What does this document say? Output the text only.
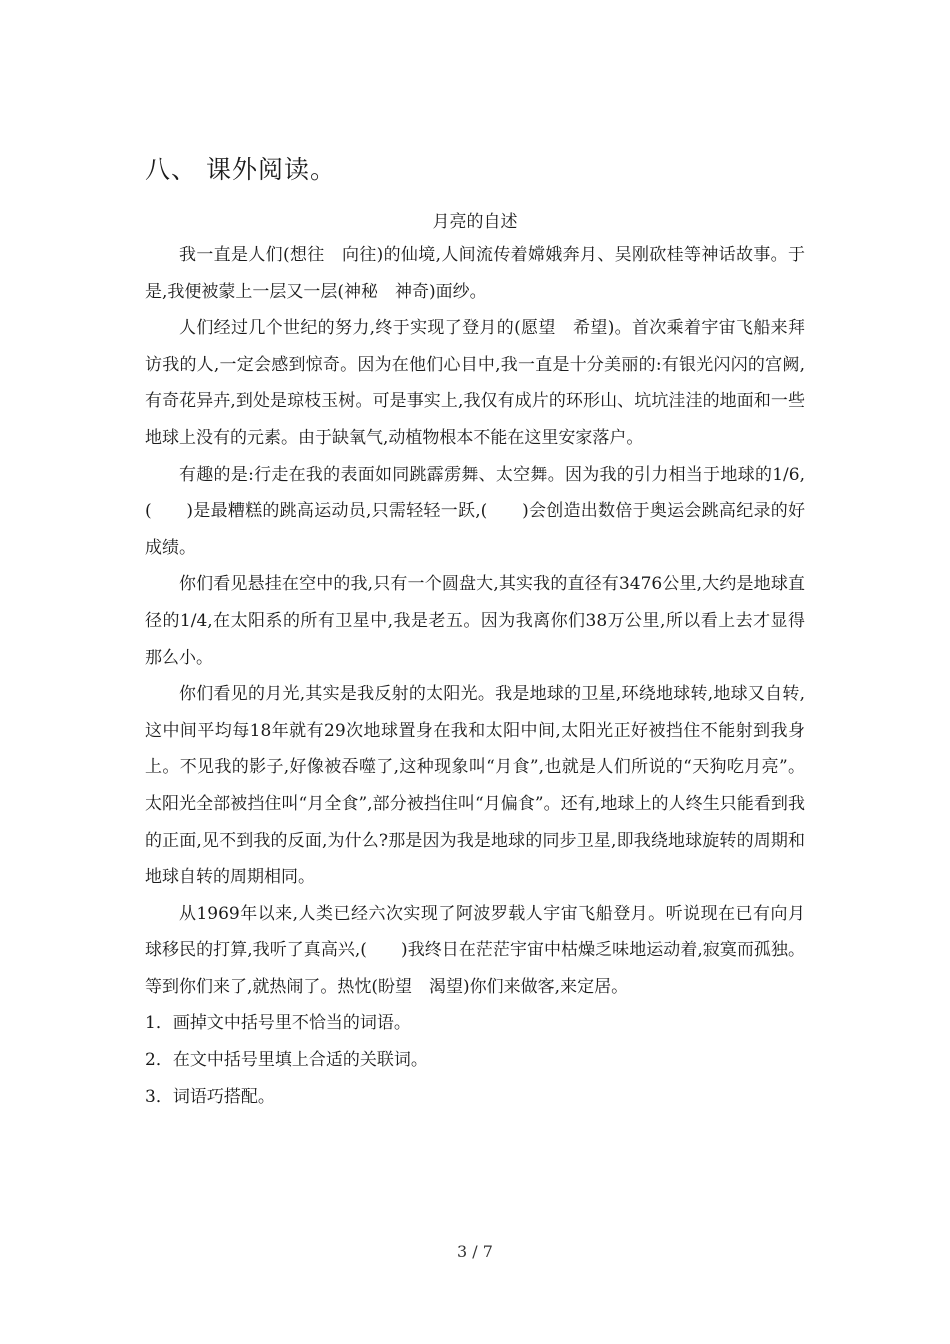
八、 课外阅读。
月亮的自述

我一直是人们(想往　向往)的仙境,人间流传着嫦娥奔月、吴刚砍桂等神话故事。于是,我便被蒙上一层又一层(神秘　神奇)面纱。

人们经过几个世纪的努力,终于实现了登月的(愿望　希望)。首次乘着宇宙飞船来拜访我的人,一定会感到惊奇。因为在他们心目中,我一直是十分美丽的:有银光闪闪的宫阙,有奇花异卉,到处是琼枝玉树。可是事实上,我仅有成片的环形山、坑坑洼洼的地面和一些地球上没有的元素。由于缺氧气,动植物根本不能在这里安家落户。

有趣的是:行走在我的表面如同跳霹雳舞、太空舞。因为我的引力相当于地球的1/6,(　　)是最糟糕的跳高运动员,只需轻轻一跃,(　　)会创造出数倍于奥运会跳高纪录的好成绩。

你们看见悬挂在空中的我,只有一个圆盘大,其实我的直径有3476公里,大约是地球直径的1/4,在太阳系的所有卫星中,我是老五。因为我离你们38万公里,所以看上去才显得那么小。

你们看见的月光,其实是我反射的太阳光。我是地球的卫星,环绕地球转,地球又自转,这中间平均每18年就有29次地球置身在我和太阳中间,太阳光正好被挡住不能射到我身上。不见我的影子,好像被吞噬了,这种现象叫“月食”,也就是人们所说的“天狗吃月亮”。太阳光全部被挡住叫“月全食”,部分被挡住叫“月偏食”。还有,地球上的人终生只能看到我的正面,见不到我的反面,为什么?那是因为我是地球的同步卫星,即我绕地球旋转的周期和地球自转的周期相同。

从1969年以来,人类已经六次实现了阿波罗载人宇宙飞船登月。听说现在已有向月球移民的打算,我听了真高兴,(　　)我终日在茫茫宇宙中枯燥乏味地运动着,寂寞而孤独。等到你们来了,就热闹了。热忱(盼望　渴望)你们来做客,来定居。

1．画掉文中括号里不恰当的词语。

2．在文中括号里填上合适的关联词。

3．词语巧搭配。

3 / 7
